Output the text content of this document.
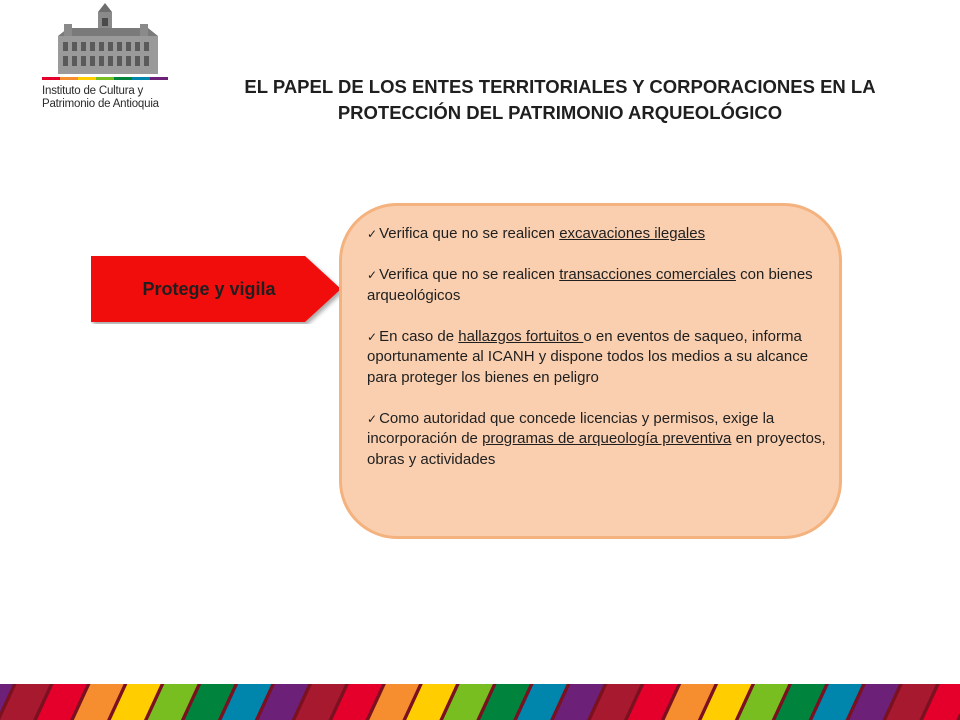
Instituto de Cultura y
Patrimonio de Antioquia
EL PAPEL DE LOS ENTES TERRITORIALES Y CORPORACIONES EN LA
PROTECCIÓN DEL PATRIMONIO ARQUEOLÓGICO
Protege y vigila
✓ Verifica que no se realicen excavaciones ilegales
✓ Verifica que no se realicen transacciones comerciales con bienes arqueológicos
✓ En caso de hallazgos fortuitos o en eventos de saqueo, informa oportunamente al ICANH y dispone todos los medios a su alcance para proteger los bienes en peligro
✓ Como autoridad que concede licencias y permisos, exige la incorporación de programas de arqueología preventiva en proyectos, obras y actividades
